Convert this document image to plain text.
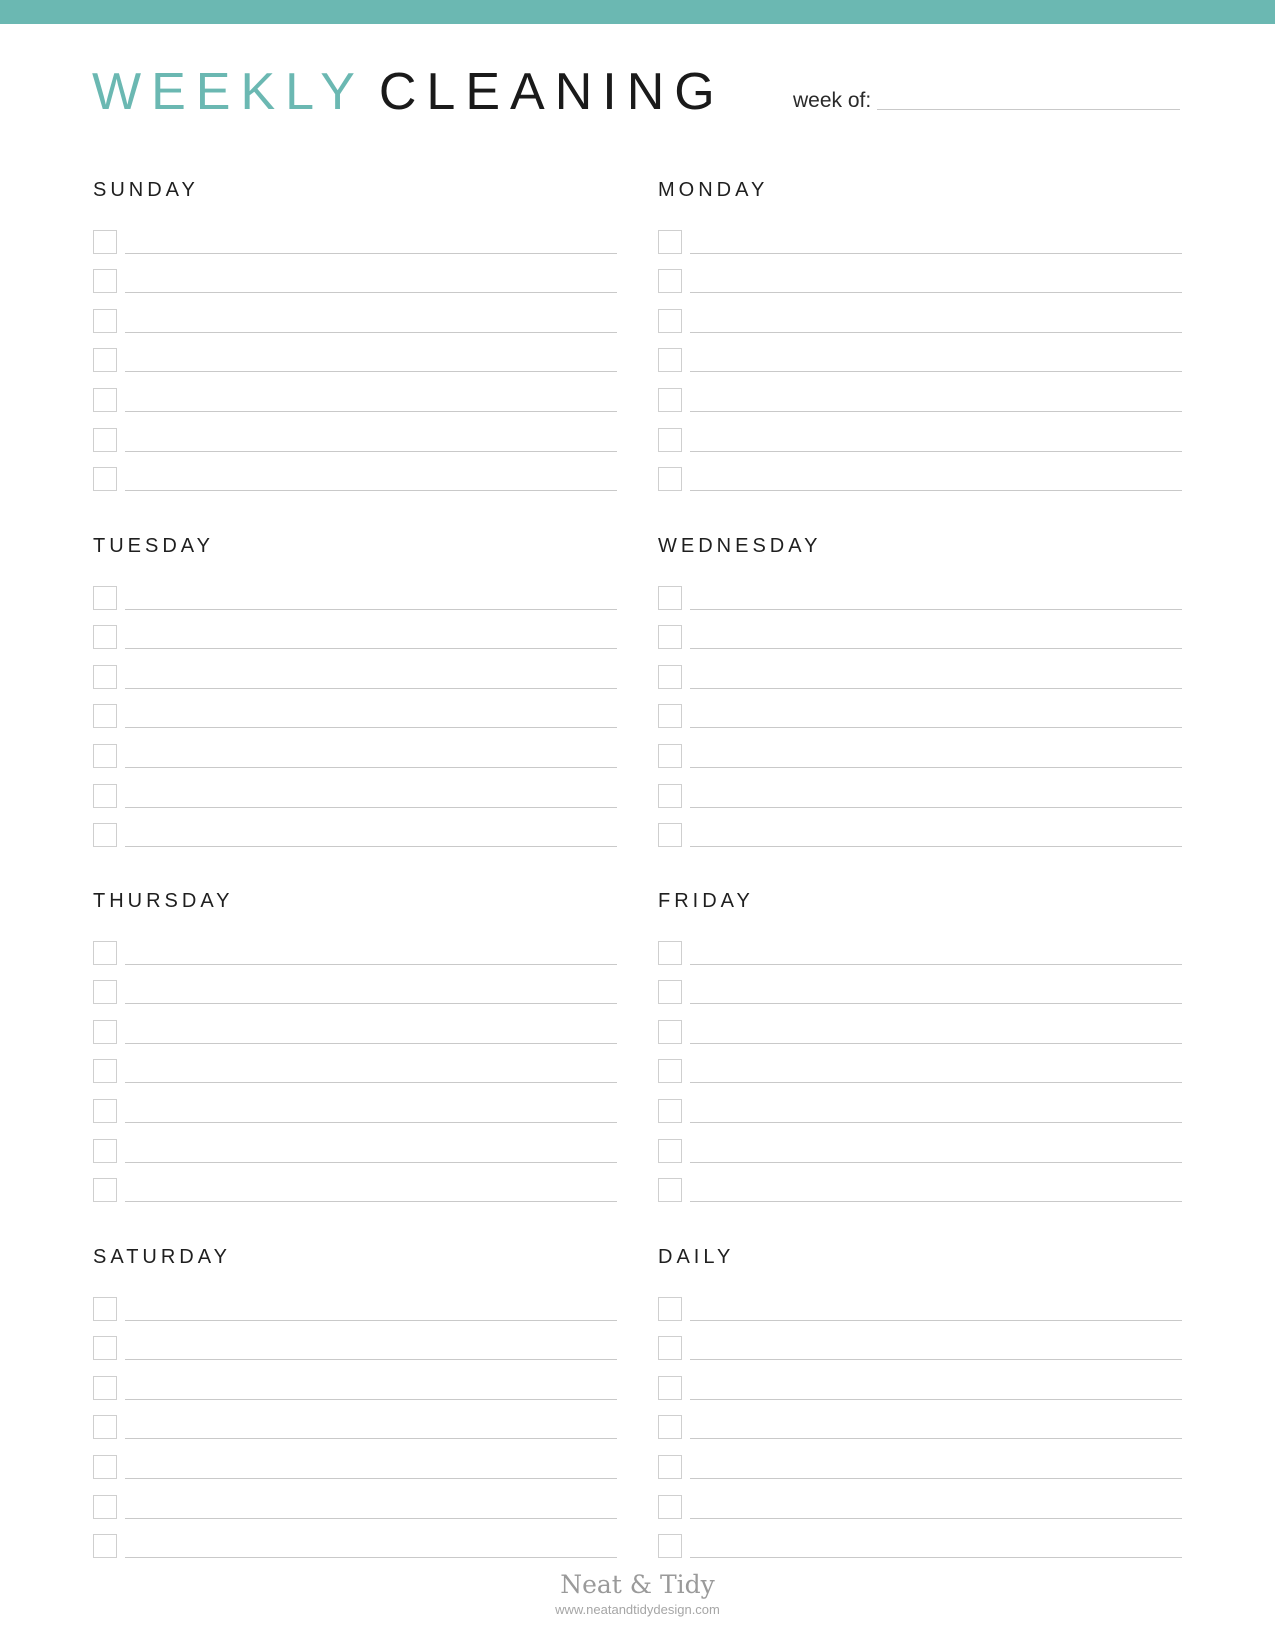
WEEKLY CLEANING	week of:
SUNDAY	MONDAY
TUESDAY	WEDNESDAY
THURSDAY	FRIDAY
SATURDAY	DAILY
Neat & Tidy
www.neatandtidydesign.com
